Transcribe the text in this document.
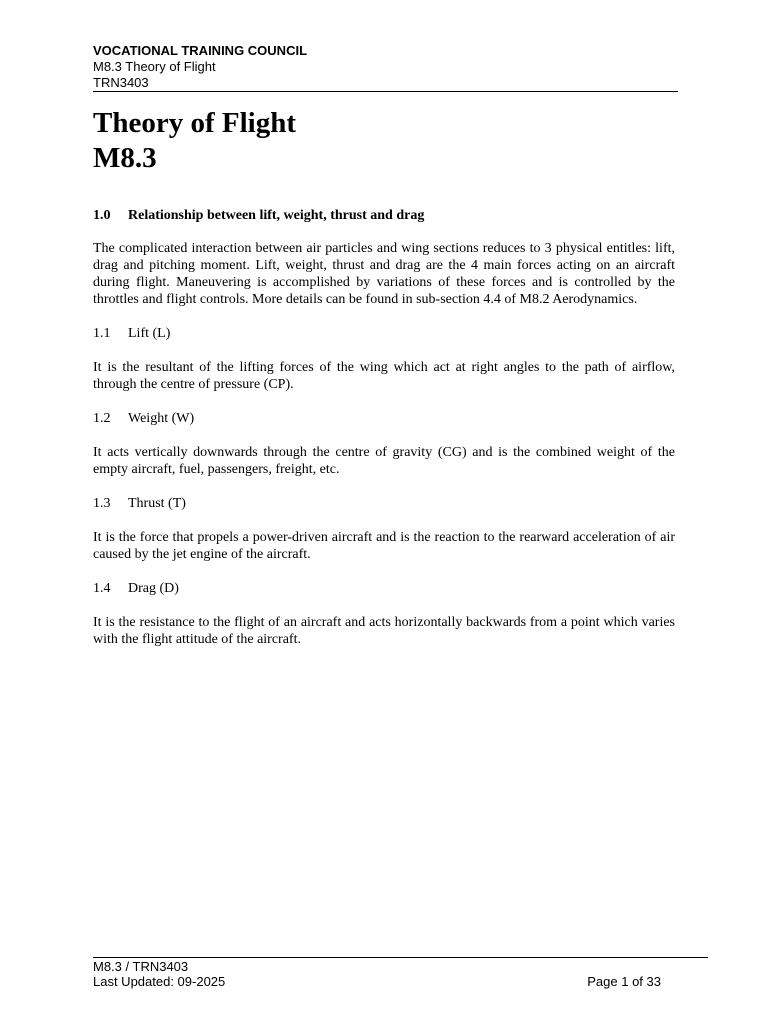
VOCATIONAL TRAINING COUNCIL
M8.3 Theory of Flight
TRN3403
Theory of Flight
M8.3
1.0	Relationship between lift, weight, thrust and drag

The complicated interaction between air particles and wing sections reduces to 3 physical entitles: lift, drag and pitching moment. Lift, weight, thrust and drag are the 4 main forces acting on an aircraft during flight. Maneuvering is accomplished by variations of these forces and is controlled by the throttles and flight controls. More details can be found in sub-section 4.4 of M8.2 Aerodynamics.

1.1	Lift (L)

It is the resultant of the lifting forces of the wing which act at right angles to the path of airflow, through the centre of pressure (CP).

1.2	Weight (W)

It acts vertically downwards through the centre of gravity (CG) and is the combined weight of the empty aircraft, fuel, passengers, freight, etc.

1.3	Thrust (T)

It is the force that propels a power-driven aircraft and is the reaction to the rearward acceleration of air caused by the jet engine of the aircraft.

1.4	Drag (D)

It is the resistance to the flight of an aircraft and acts horizontally backwards from a point which varies with the flight attitude of the aircraft.

M8.3 / TRN3403
Last Updated: 09-2025	Page 1 of 33
